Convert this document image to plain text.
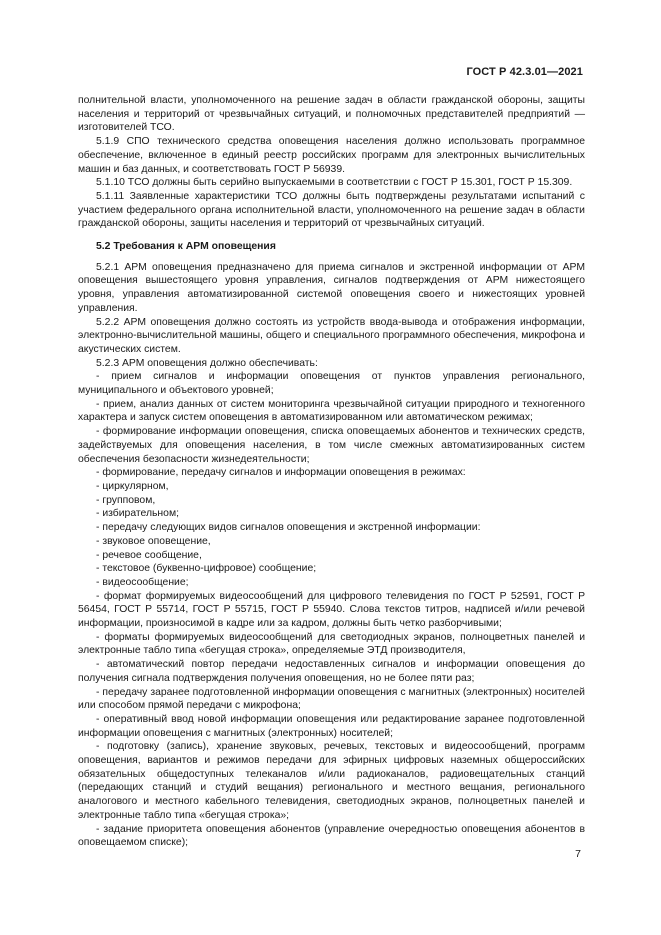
ГОСТ Р 42.3.01—2021

полнительной власти, уполномоченного на решение задач в области гражданской обороны, защиты населения и территорий от чрезвычайных ситуаций, и полномочных представителей предприятий — изготовителей ТСО.

5.1.9 СПО технического средства оповещения населения должно использовать программное обеспечение, включенное в единый реестр российских программ для электронных вычислительных машин и баз данных, и соответствовать ГОСТ Р 56939.

5.1.10 ТСО должны быть серийно выпускаемыми в соответствии с ГОСТ Р 15.301, ГОСТ Р 15.309.

5.1.11 Заявленные характеристики ТСО должны быть подтверждены результатами испытаний с участием федерального органа исполнительной власти, уполномоченного на решение задач в области гражданской обороны, защиты населения и территорий от чрезвычайных ситуаций.

5.2 Требования к АРМ оповещения

5.2.1 АРМ оповещения предназначено для приема сигналов и экстренной информации от АРМ оповещения вышестоящего уровня управления, сигналов подтверждения от АРМ нижестоящего уровня, управления автоматизированной системой оповещения своего и нижестоящих уровней управления.

5.2.2 АРМ оповещения должно состоять из устройств ввода-вывода и отображения информации, электронно-вычислительной машины, общего и специального программного обеспечения, микрофона и акустических систем.

5.2.3 АРМ оповещения должно обеспечивать:

- прием сигналов и информации оповещения от пунктов управления регионального, муниципального и объектового уровней;

- прием, анализ данных от систем мониторинга чрезвычайной ситуации природного и техногенного характера и запуск систем оповещения в автоматизированном или автоматическом режимах;

- формирование информации оповещения, списка оповещаемых абонентов и технических средств, задействуемых для оповещения населения, в том числе смежных автоматизированных систем обеспечения безопасности жизнедеятельности;

- формирование, передачу сигналов и информации оповещения в режимах:

- циркулярном,

- групповом,

- избирательном;

- передачу следующих видов сигналов оповещения и экстренной информации:

- звуковое оповещение,

- речевое сообщение,

- текстовое (буквенно-цифровое) сообщение;

- видеосообщение;

- формат формируемых видеосообщений для цифрового телевидения по ГОСТ Р 52591, ГОСТ Р 56454, ГОСТ Р 55714, ГОСТ Р 55715, ГОСТ Р 55940. Слова текстов титров, надписей и/или речевой информации, произносимой в кадре или за кадром, должны быть четко разборчивыми;

- форматы формируемых видеосообщений для светодиодных экранов, полноцветных панелей и электронные табло типа «бегущая строка», определяемые ЭТД производителя,

- автоматический повтор передачи недоставленных сигналов и информации оповещения до получения сигнала подтверждения получения оповещения, но не более пяти раз;

- передачу заранее подготовленной информации оповещения с магнитных (электронных) носителей или способом прямой передачи с микрофона;

- оперативный ввод новой информации оповещения или редактирование заранее подготовленной информации оповещения с магнитных (электронных) носителей;

- подготовку (запись), хранение звуковых, речевых, текстовых и видеосообщений, программ оповещения, вариантов и режимов передачи для эфирных цифровых наземных общероссийских обязательных общедоступных телеканалов и/или радиоканалов, радиовещательных станций (передающих станций и студий вещания) регионального и местного вещания, регионального аналогового и местного кабельного телевидения, светодиодных экранов, полноцветных панелей и электронные табло типа «бегущая строка»;

- задание приоритета оповещения абонентов (управление очередностью оповещения абонентов в оповещаемом списке);

7
